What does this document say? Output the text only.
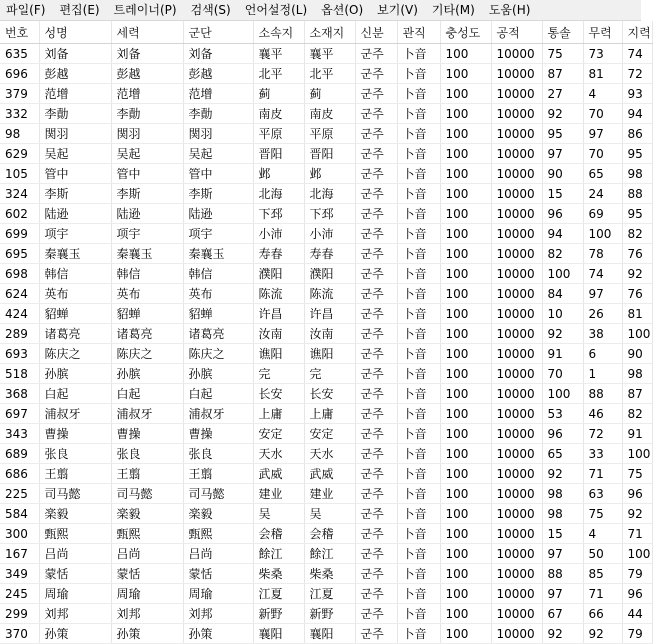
파일(F)	편집(E)	트레이너(P)	검색(S)	언어설정(L)	옵션(O)	보기(V)	기타(M)	도움(H)
번호	성명	세력	군단	소속지	소재지	신분	관직	충성도	공적	통솔	무력	지력
635	刘备	刘备	刘备	襄平	襄平	군주	卜音	100	10000	75	73	74
696	彭越	彭越	彭越	北平	北平	군주	卜音	100	10000	87	81	72
379	范增	范增	范增	蓟	蓟	군주	卜音	100	10000	27	4	93
332	李勣	李勣	李勣	南皮	南皮	군주	卜音	100	10000	92	70	94
98	関羽	関羽	関羽	平原	平原	군주	卜音	100	10000	95	97	86
629	吴起	吴起	吴起	晋阳	晋阳	군주	卜音	100	10000	97	70	95
105	管中	管中	管中	邺	邺	군주	卜音	100	10000	90	65	98
324	李斯	李斯	李斯	北海	北海	군주	卜音	100	10000	15	24	88
602	陆逊	陆逊	陆逊	下邳	下邳	군주	卜音	100	10000	96	69	95
699	项宇	项宇	项宇	小沛	小沛	군주	卜音	100	10000	94	100	82
695	秦襄玉	秦襄玉	秦襄玉	寿春	寿春	군주	卜音	100	10000	82	78	76
698	韩信	韩信	韩信	濮阳	濮阳	군주	卜音	100	10000	100	74	92
624	英布	英布	英布	陈流	陈流	군주	卜音	100	10000	84	97	76
424	貂蝉	貂蝉	貂蝉	许昌	许昌	군주	卜音	100	10000	10	26	81
289	诸葛亮	诸葛亮	诸葛亮	汝南	汝南	군주	卜音	100	10000	92	38	100
693	陈庆之	陈庆之	陈庆之	谯阳	谯阳	군주	卜音	100	10000	91	6	90
518	孙膑	孙膑	孙膑	完	完	군주	卜音	100	10000	70	1	98
368	白起	白起	白起	长安	长安	군주	卜音	100	10000	100	88	87
697	浦叔牙	浦叔牙	浦叔牙	上庸	上庸	군주	卜音	100	10000	53	46	82
343	曹操	曹操	曹操	安定	安定	군주	卜音	100	10000	96	72	91
689	张良	张良	张良	天水	天水	군주	卜音	100	10000	65	33	100
686	王翦	王翦	王翦	武威	武威	군주	卜音	100	10000	92	71	75
225	司马懿	司马懿	司马懿	建业	建业	군주	卜音	100	10000	98	63	96
584	楽毅	楽毅	楽毅	吴	吴	군주	卜音	100	10000	98	75	92
300	甄熙	甄熙	甄熙	会稽	会稽	군주	卜音	100	10000	15	4	71
167	吕尚	吕尚	吕尚	餘江	餘江	군주	卜音	100	10000	97	50	100
349	蒙恬	蒙恬	蒙恬	柴桑	柴桑	군주	卜音	100	10000	88	85	79
245	周瑜	周瑜	周瑜	江夏	江夏	군주	卜音	100	10000	97	71	96
299	刘邦	刘邦	刘邦	新野	新野	군주	卜音	100	10000	67	66	44
370	孙策	孙策	孙策	襄阳	襄阳	군주	卜音	100	10000	92	92	79
